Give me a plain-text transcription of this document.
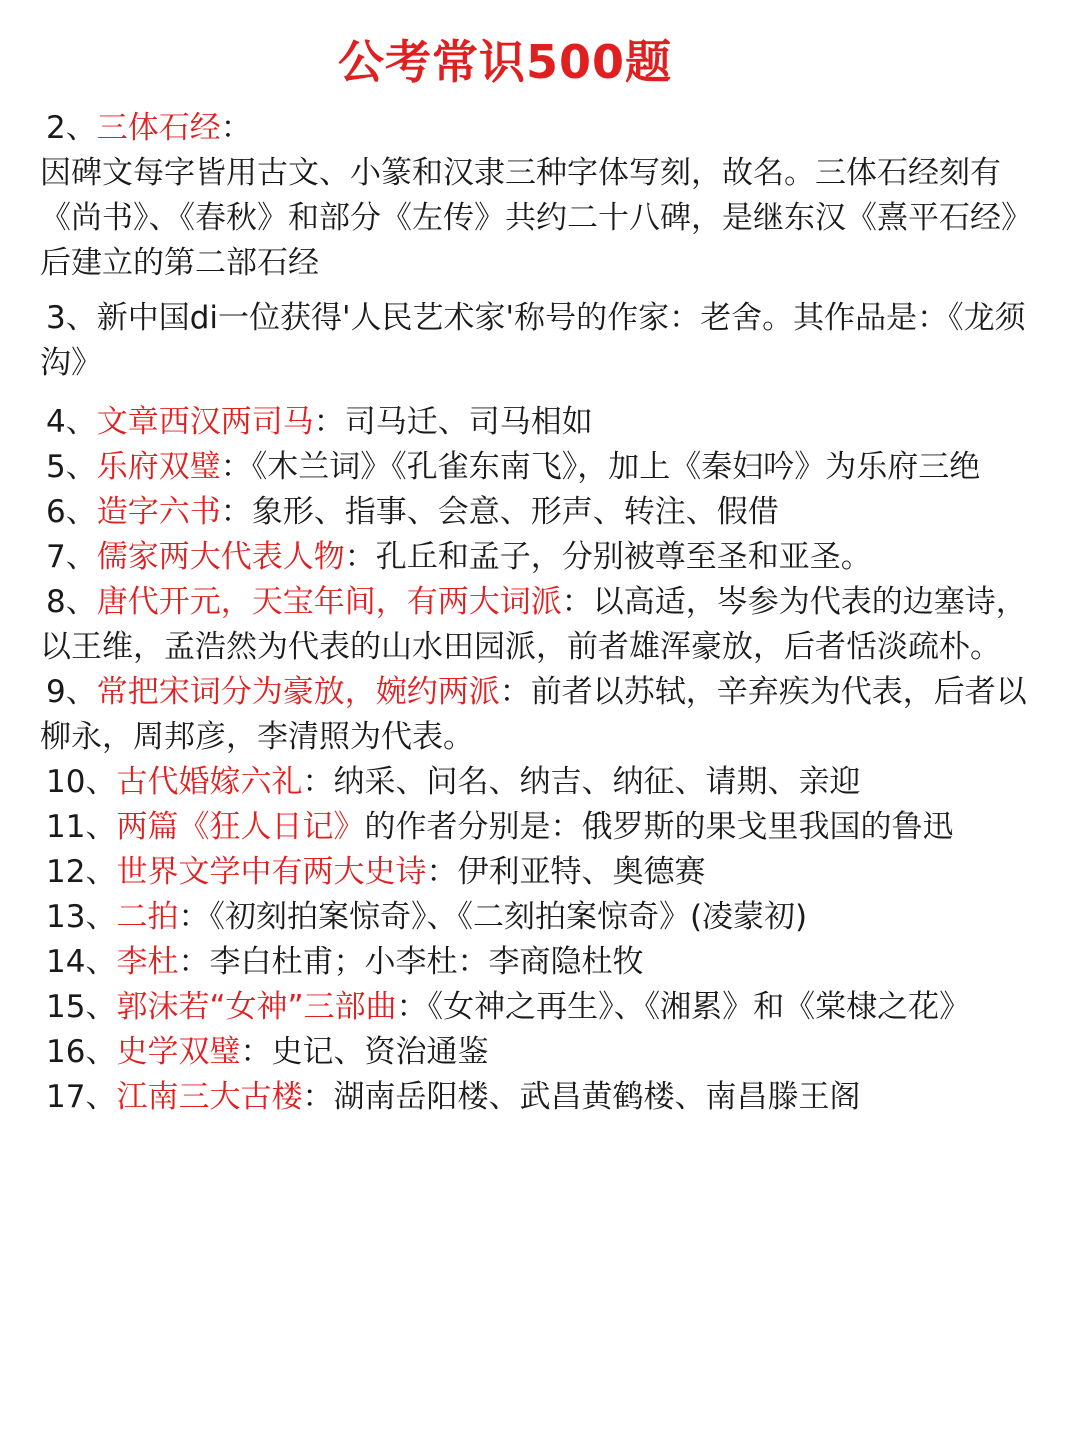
公考常识500题

2、三体石经：

因碑文每字皆用古文、小篆和汉隶三种字体写刻，故名。三体石经刻有《尚书》、《春秋》和部分《左传》共约二十八碑，是继东汉《熹平石经》后建立的第二部石经

3、新中国di一位获得'人民艺术家'称号的作家：老舍。其作品是：《龙须沟》

4、文章西汉两司马：司马迁、司马相如

5、乐府双璧：《木兰词》《孔雀东南飞》，加上《秦妇吟》为乐府三绝

6、造字六书：象形、指事、会意、形声、转注、假借

7、儒家两大代表人物：孔丘和孟子，分别被尊至圣和亚圣。

8、唐代开元，天宝年间，有两大词派：以高适，岑参为代表的边塞诗，以王维，孟浩然为代表的山水田园派，前者雄浑豪放，后者恬淡疏朴。

9、常把宋词分为豪放，婉约两派：前者以苏轼，辛弃疾为代表，后者以柳永，周邦彦，李清照为代表。

10、古代婚嫁六礼：纳采、问名、纳吉、纳征、请期、亲迎

11、两篇《狂人日记》的作者分别是：俄罗斯的果戈里我国的鲁迅

12、世界文学中有两大史诗：伊利亚特、奥德赛

13、二拍：《初刻拍案惊奇》、《二刻拍案惊奇》(凌蒙初)

14、李杜：李白杜甫；小李杜：李商隐杜牧

15、郭沫若“女神”三部曲：《女神之再生》、《湘累》和《棠棣之花》

16、史学双璧：史记、资治通鉴

17、江南三大古楼：湖南岳阳楼、武昌黄鹤楼、南昌滕王阁
